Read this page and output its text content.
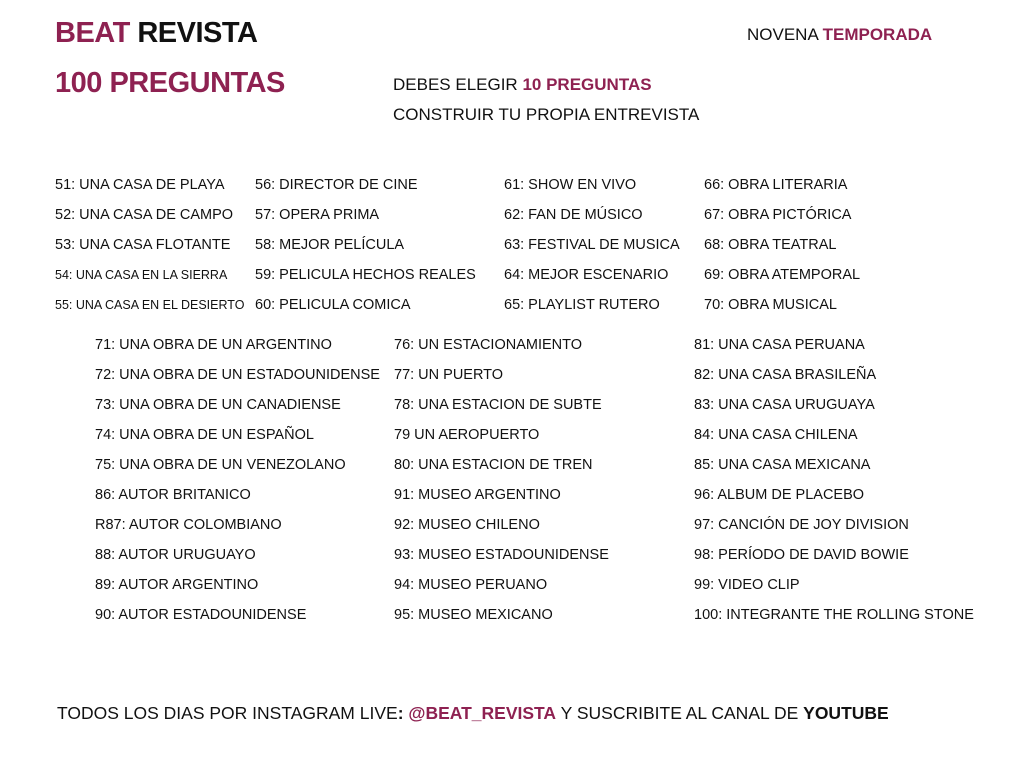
BEAT REVISTA
100 PREGUNTAS
NOVENA TEMPORADA
DEBES ELEGIR 10 PREGUNTAS
CONSTRUIR TU PROPIA ENTREVISTA
51: UNA CASA DE PLAYA
52: UNA CASA DE CAMPO
53: UNA CASA FLOTANTE
54: UNA CASA EN LA SIERRA
55: UNA CASA EN EL DESIERTO
56: DIRECTOR DE CINE
57: OPERA PRIMA
58: MEJOR PELÍCULA
59: PELICULA HECHOS REALES
60: PELICULA COMICA
61: SHOW EN VIVO
62: FAN DE MÚSICO
63: FESTIVAL DE MUSICA
64: MEJOR ESCENARIO
65: PLAYLIST RUTERO
66: OBRA LITERARIA
67: OBRA PICTÓRICA
68: OBRA TEATRAL
69: OBRA ATEMPORAL
70: OBRA MUSICAL
71: UNA OBRA DE UN ARGENTINO
72: UNA OBRA DE UN ESTADOUNIDENSE
73: UNA OBRA DE UN CANADIENSE
74: UNA OBRA DE UN ESPAÑOL
75: UNA OBRA DE UN VENEZOLANO
86: AUTOR BRITANICO
R87: AUTOR COLOMBIANO
88: AUTOR URUGUAYO
89: AUTOR ARGENTINO
90: AUTOR ESTADOUNIDENSE
76: UN ESTACIONAMIENTO
77: UN PUERTO
78: UNA ESTACION DE SUBTE
79 UN AEROPUERTO
80: UNA ESTACION DE TREN
91: MUSEO ARGENTINO
92: MUSEO CHILENO
93: MUSEO ESTADOUNIDENSE
94: MUSEO PERUANO
95: MUSEO MEXICANO
81: UNA CASA PERUANA
82: UNA CASA BRASILEÑA
83: UNA CASA URUGUAYA
84: UNA CASA CHILENA
85: UNA CASA MEXICANA
96: ALBUM DE PLACEBO
97: CANCIÓN DE JOY DIVISION
98: PERÍODO DE DAVID BOWIE
99: VIDEO CLIP
100: INTEGRANTE THE ROLLING STONE
TODOS LOS DIAS POR INSTAGRAM LIVE: @BEAT_REVISTA Y SUSCRIBITE AL CANAL DE YOUTUBE
